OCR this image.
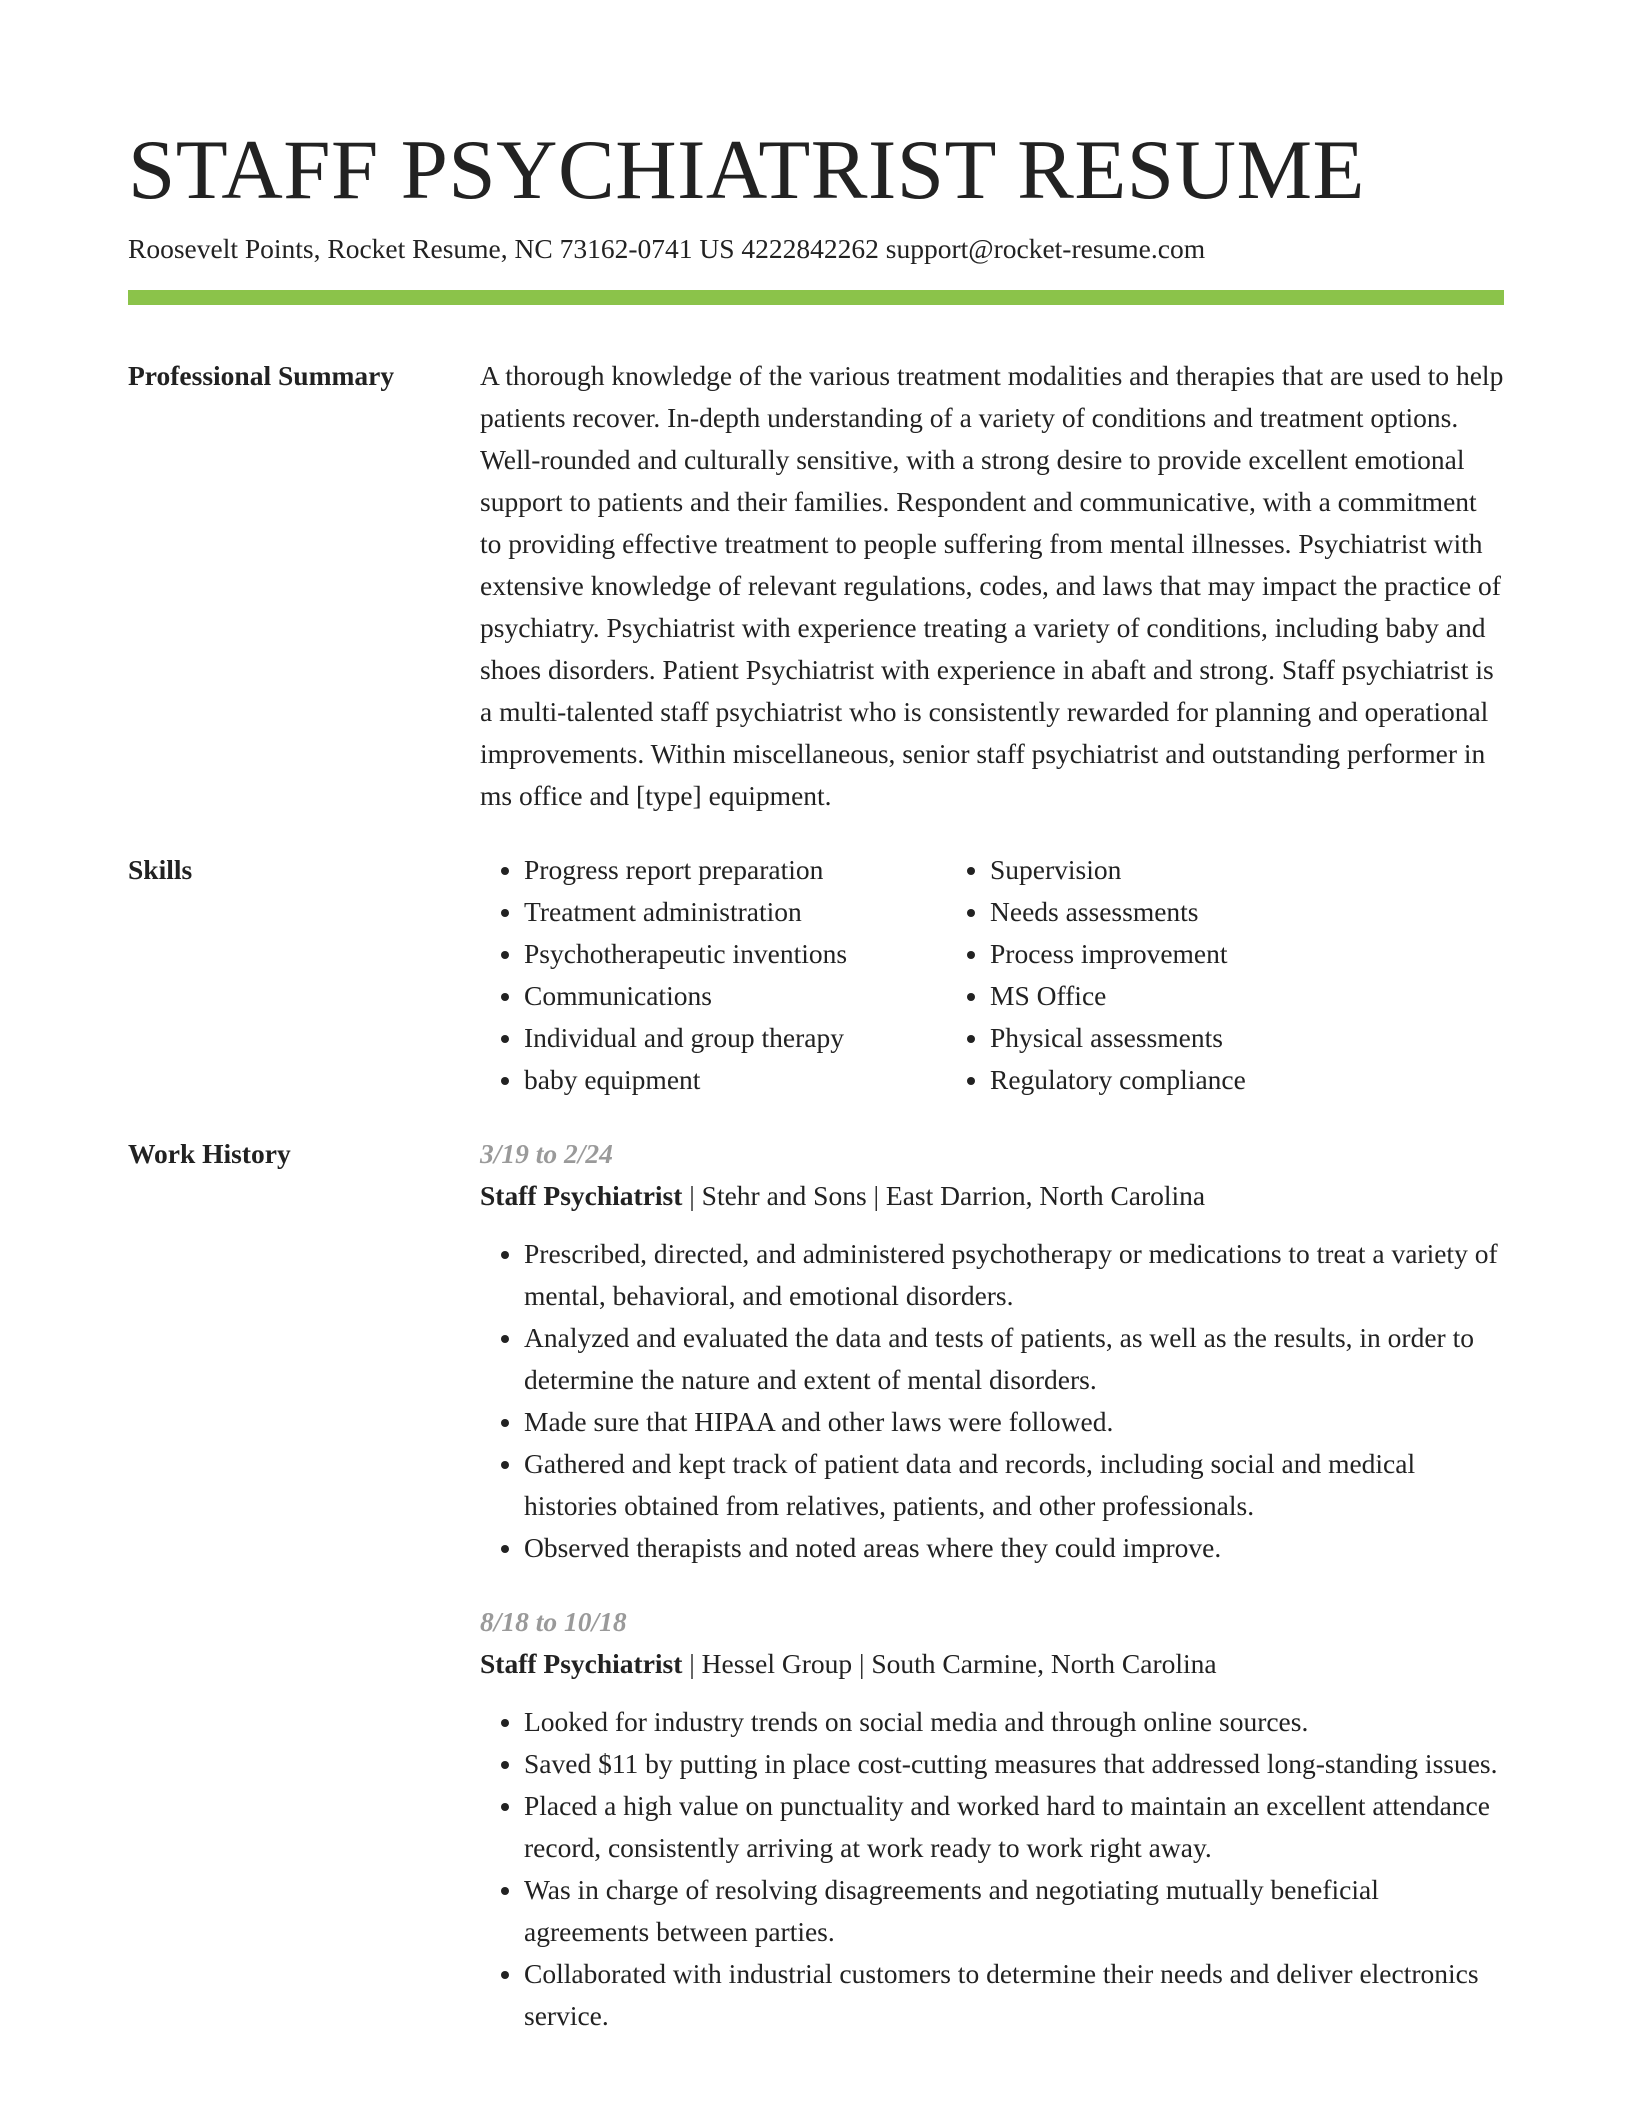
STAFF PSYCHIATRIST RESUME
Roosevelt Points, Rocket Resume, NC 73162-0741 US 4222842262 support@rocket-resume.com
Professional Summary	A thorough knowledge of the various treatment modalities and therapies that are used to help patients recover. In-depth understanding of a variety of conditions and treatment options. Well-rounded and culturally sensitive, with a strong desire to provide excellent emotional support to patients and their families. Respondent and communicative, with a commitment to providing effective treatment to people suffering from mental illnesses. Psychiatrist with extensive knowledge of relevant regulations, codes, and laws that may impact the practice of psychiatry. Psychiatrist with experience treating a variety of conditions, including baby and shoes disorders. Patient Psychiatrist with experience in abaft and strong. Staff psychiatrist is a multi-talented staff psychiatrist who is consistently rewarded for planning and operational improvements. Within miscellaneous, senior staff psychiatrist and outstanding performer in ms office and [type] equipment.

Skills
•	Progress report preparation
• Treatment administration
• Psychotherapeutic inventions
• Communications
• Individual and group therapy
• baby equipment
• Supervision
• Needs assessments
• Process improvement
• MS Office
• Physical assessments
• Regulatory compliance
Work History	3/19 to 2/24
Staff Psychiatrist | Stehr and Sons | East Darrion, North Carolina
• Prescribed, directed, and administered psychotherapy or medications to treat a variety of mental, behavioral, and emotional disorders.
• Analyzed and evaluated the data and tests of patients, as well as the results, in order to determine the nature and extent of mental disorders.
• Made sure that HIPAA and other laws were followed.
• Gathered and kept track of patient data and records, including social and medical histories obtained from relatives, patients, and other professionals.
• Observed therapists and noted areas where they could improve.
8/18 to 10/18
Staff Psychiatrist | Hessel Group | South Carmine, North Carolina
• Looked for industry trends on social media and through online sources.
• Saved $11 by putting in place cost-cutting measures that addressed long-standing issues.
• Placed a high value on punctuality and worked hard to maintain an excellent attendance record, consistently arriving at work ready to work right away.
• Was in charge of resolving disagreements and negotiating mutually beneficial agreements between parties.
• Collaborated with industrial customers to determine their needs and deliver electronics service.
